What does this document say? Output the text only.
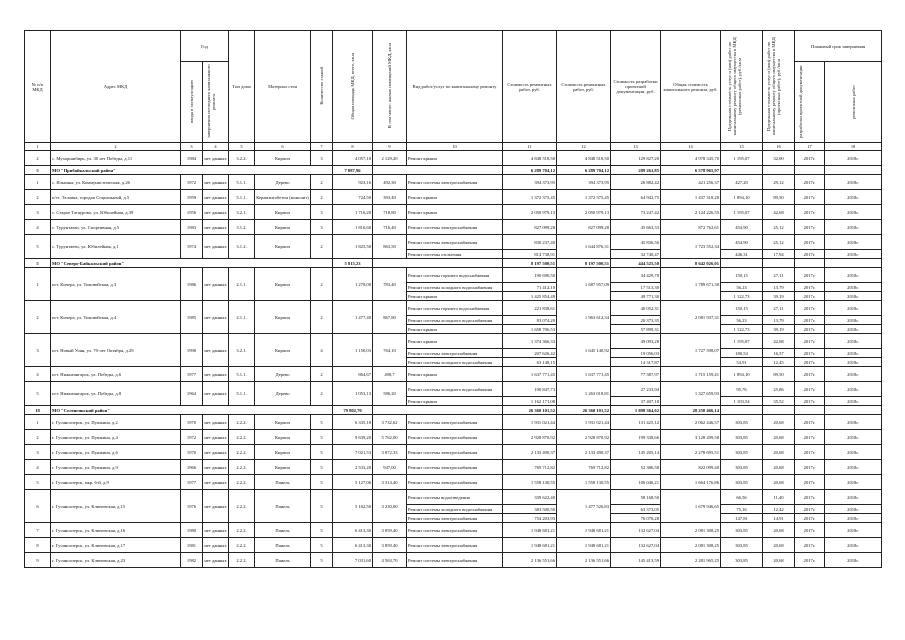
№ п/п МКД	Адрес МКД	Год		Тип дома	Материал стен	Количество этажей	Общая площадь МКД, всего, кв.м	В том числе: жилых помещений МКД, кв.м	Вид работ/услуг по капитальному ремонту	Стоимость ремонтных работ, руб.	Стоимость ремонтных работ, руб.	Стоимость разработки проектной документации, руб.	Общая стоимость капитального ремонта, руб.	Предельная стоимость услуг и (или) работ по капитальному ремонту общего имущества в МКД (ремонтных работ), руб./кв.м	Предельная стоимость услуг и (или) работ по капитальному ремонту общего имущества в МКД (проектных работ), руб./кв.м	Плановый срок завершения	
		ввода в эксплуатацию	завершения последнего капитального ремонта													разработки проектной документации	ремонтных работ
1	2	3	4	5	6	7	8	9	10	11	12	13	14	15	16	17	18
2	с. Мухоршибирь, ул. 30 лет Победы, д.11	1984	нет данных	3.2.2.	Кирпич	3	4 057,10	2 129,20	Ремонт крыши	4 848 518,50	4 848 518,50	129 827,20	4 978 345,70	1 195,07	32,00	2017г.	2018г.
5	МО "Прибайкальский район"						7 087,96			6 289 704,12	6 289 704,12	289 261,85	6 578 965,97				
1	с. Ильинка, ул. Коммунистическая, д.26	1972	нет данных	5.1.1.	Дерево	2	923,16	492,30	Ремонт системы электроснабжения	394 373,95	394 373,95	26 882,42	421 256,37	427,20	29,12	2017г.	2018г.
2	п/ст. Таловка, городок Социальный, д.5	1959	нет данных	5.1.1.	Керамзитобетон (монолит)	2	724,50	393,40	Ремонт крыши	1 372 375,45	1 372 375,45	64 942,75	1 437 318,20	1 894,10	89,50	2017г.	2018г.
3	с. Старое Татаурово, ул. Юбилейная, д.39	1956	нет данных	3.2.1.	Кирпич	3	1 716,20	718,80	Ремонт крыши	2 050 979,13	2 050 979,13	73 247,42	2 124 226,55	1 195,07	42,68	2017г.	2018г.
4	с. Турунтаево, ул. Спортивная, д.5	1983	нет данных	3.1.2.	Кирпич	3	1 816,60	716,40	Ремонт системы электроснабжения	827 099,28	827 099,28	45 663,33	872 762,61	454,90	25,12	2017г.	2018г.
5	с. Турунтаево, ул. Юбилейная, д.1	1974	нет данных	3.1.2.	Кирпич	2	1 825,50	863,50	Ремонт системы электроснабжения	830 237,40	1 644 876,31	45 836,56	1 723 552,34	454,90	25,12	2017г.	2018г.
									Ремонт системы отопления	814 738,91		32 740,47		446,31	17,94	2017г.	2018г.
5	МО "Северо-Байкальский район"						5 815,23			8 197 500,51	8 197 500,51	444 525,50	8 642 026,01				
1	пгт. Кичера, ул. Тимлюйская, д.3	1986	нет данных	2.1.1.	Кирпич	2	1 270,00	783,40	Ремонт системы горячего водоснабжения	190 690,50	1 687 957,09	34 429,70	1 789 671,30	150,15	27,11	2017г.	2018г.
									Ремонт системы холодного водоснабжения	71 412,10		17 513,30		56,23	13,79	2017г.	2018г.
									Ремонт крыши	1 425 854,49		49 771,30		1 122,73	39,19	2017г.	2018г.
2	пгт. Кичера, ул. Тимлюйская, д.4	1985	нет данных	2.1.1.	Кирпич	2	1 477,40	867,80	Ремонт системы горячего водоснабжения	221 838,61	1 963 612,34	40 052,31	2 081 937,31	150,15	27,11	2017г.	2018г.
									Ремонт системы холодного водоснабжения	83 074,20		20 373,35		56,23	13,79	2017г.	2018г.
									Ремонт крыши	1 658 706,53		57 899,31		1 122,73	39,19	2017г.	2018г.
3	пгт. Новый Уоян, ул. 70-лет Октября, д.29	1990	нет данных	3.2.1.	Кирпич	4	1 150,03	764,10	Ремонт крыши	1 374 366,33	1 645 140,92	49 093,28	1 727 598,07	1 195,07	42,68	2017г.	2018г.
									Ремонт системы электроснабжения	207 626,42		19 056,03		180,54	16,57	2017г.	2018г.
									Ремонт системы холодного водоснабжения	63 148,15		14 317,87		54,91	12,45	2017г.	2018г.
4	пгт. Нижнеангарск, ул. Победы, д.6	1977	нет данных	5.1.1.	Дерево	2	864,67	498,7	Ремонт крыши	1 637 771,45	1 637 771,45	77 387,97	1 715 159,41	1 894,10	89,50	2017г.	2018г.
5	пгт. Нижнеангарск, ул. Победы, д.8	1964	нет данных	5.1.1.	Дерево	2	1 053,13	586,20	Ремонт системы холодного водоснабжения	100 847,73	1 263 018,81	27 233,94	1 327 659,93	95,76	25,86	2017г.	2018г.
									Ремонт крыши	1 162 171,08		37 407,18		1 103,54	35,52	2017г.	2018г.
18	МО "Селенгинский район"						79 802,70			26 360 101,52	26 360 101,52	1 898 364,62	28 258 466,14				
1	г. Гусиноозерск, ул. Пушкина, д.2	1970	нет данных	2.2.2.	Кирпич	5	6 335,18	3 732,62	Ремонт системы электроснабжения	1 931 021,44	1 931 021,44	131 425,12	2 062 446,57	303,85	20,68	2017г.	2018г.
2	г. Гусиноозерск, ул. Пушкина, д.4	1972	нет данных	2.2.2.	Кирпич	5	9 639,20	5 762,00	Ремонт системы электроснабжения	2 928 870,92	2 928 870,92	199 338,66	3 128 209,58	303,85	20,68	2017г.	2018г.
3	г. Гусиноозерск, ул. Пушкина, д.6	1970	нет данных	2.2.2.	Кирпич	5	7 021,53	3 872,33	Ремонт системы электроснабжения	2 133 490,37	2 133 490,37	145 205,14	2 278 695,51	303,85	20,68	2017г.	2018г.
4	г. Гусиноозерск, ул. Пушкина, д.9	1966	нет данных	2.2.2.	Кирпич	5	2 533,20	947,00	Ремонт системы электроснабжения	769 712,82	769 712,82	52 386,58	822 099,40	303,85	20,68	2017г.	2018г.
5	г. Гусиноозерск, мкр. 6-й, д.9	1977	нет данных	2.2.2.	Панель	5	5 127,06	3 314,40	Ремонт системы электроснабжения	1 558 130,55	1 558 130,55	106 046,21	1 664 176,86	303,85	20,68	2017г.	2018г.
6	г. Гусиноозерск, ул. Ключевская, д.15	1976	нет данных	2.2.2.	Панель	5	5 162,50	3 230,00	Ремонт системы водоотведения	339 622,40	1 477 526,83	58 168,50	1 679 946,65	66,56	11,40	2017г.	2018г.
									Ремонт системы холодного водоснабжения	383 500,50		63 373,05		75,16	12,42	2017г.	2018г.
									Ремонт системы электроснабжения	754 203,93		76 076,28		147,81	14,91	2017г.	2018г.
7	г. Гусиноозерск, ул. Ключевская, д.16	1980	нет данных	2.2.2.	Панель	5	6 413,30	3 859,40	Ремонт системы электроснабжения	1 948 681,21	1 948 681,21	132 627,04	2 081 308,25	303,85	20,68	2017г.	2018г.
8	г. Гусиноозерск, ул. Ключевская, д.17	1981	нет данных	2.2.2.	Панель	5	6 413,30	3 859,40	Ремонт системы электроснабжения	1 948 681,21	1 948 681,21	132 627,04	2 081 308,25	303,85	20,68	2017г.	2018г.
9	г. Гусиноозерск, ул. Ключевская, д.23	1982	нет данных	2.2.2.	Панель	5	7 031,60	4 563,70	Ремонт системы электроснабжения	2 136 551,66	2 136 551,66	145 413,59	2 281 965,25	303,85	20,68	2017г.	2018г.
